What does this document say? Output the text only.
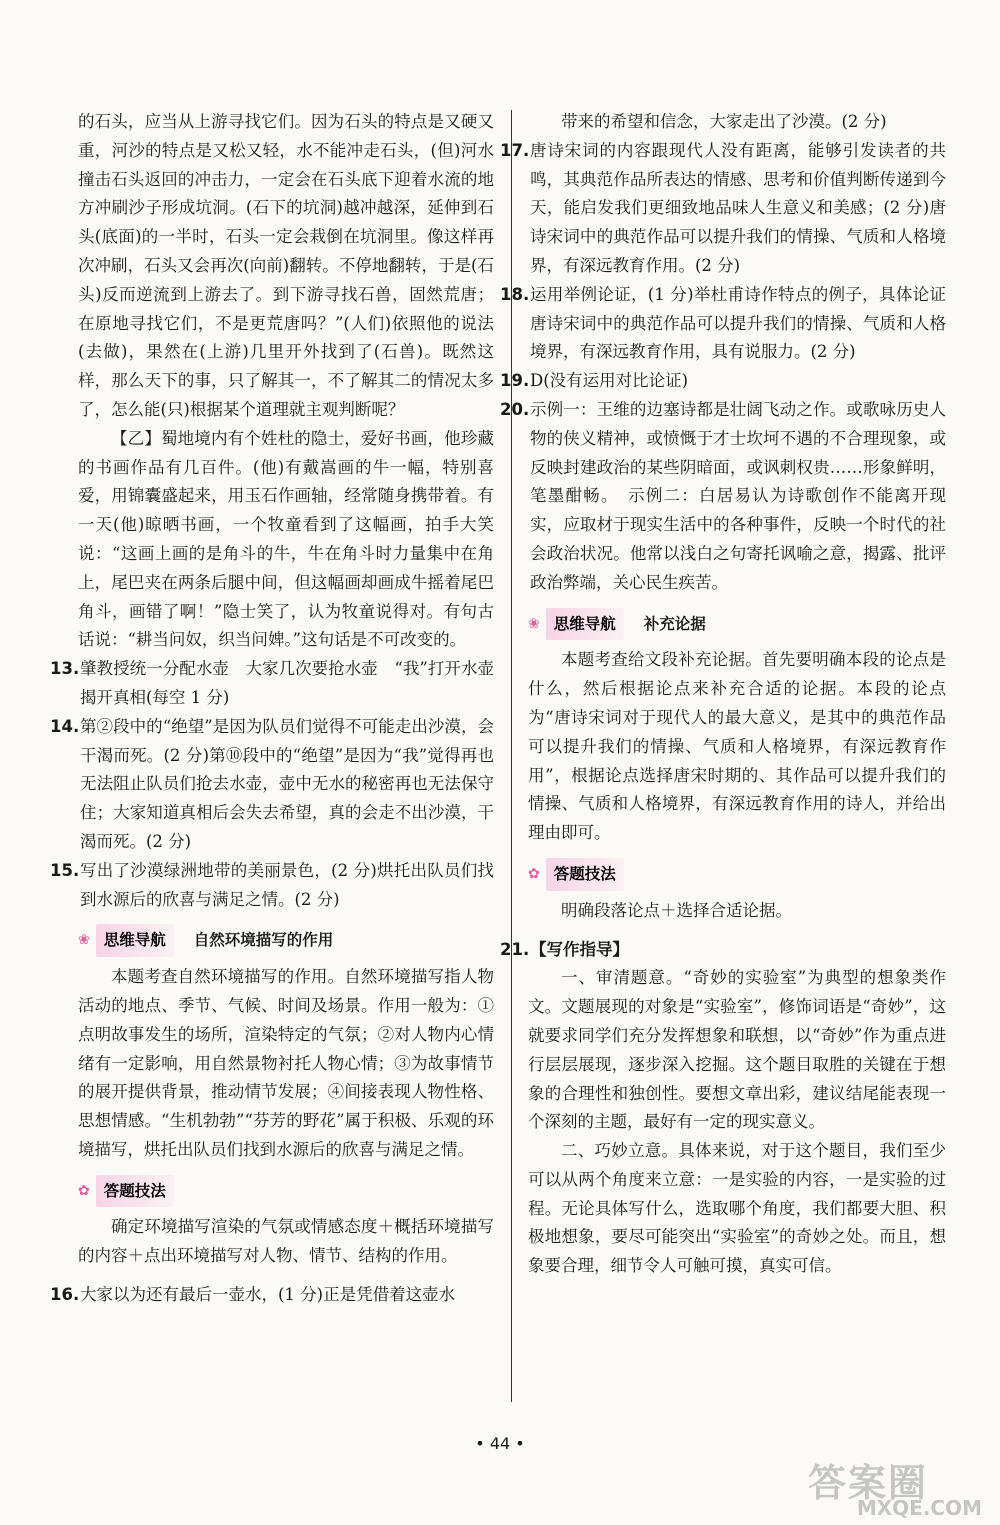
的石头，应当从上游寻找它们。因为石头的特点是又硬又重，河沙的特点是又松又轻，水不能冲走石头，(但)河水撞击石头返回的冲击力，一定会在石头底下迎着水流的地方冲刷沙子形成坑洞。(石下的坑洞)越冲越深，延伸到石头(底面)的一半时，石头一定会栽倒在坑洞里。像这样再次冲刷，石头又会再次(向前)翻转。不停地翻转，于是(石头)反而逆流到上游去了。到下游寻找石兽，固然荒唐；在原地寻找它们，不是更荒唐吗？”(人们)依照他的说法(去做)，果然在(上游)几里开外找到了(石兽)。既然这样，那么天下的事，只了解其一，不了解其二的情况太多了，怎么能(只)根据某个道理就主观判断呢？

【乙】蜀地境内有个姓杜的隐士，爱好书画，他珍藏的书画作品有几百件。(他)有戴嵩画的牛一幅，特别喜爱，用锦囊盛起来，用玉石作画轴，经常随身携带着。有一天(他)晾晒书画，一个牧童看到了这幅画，拍手大笑说：“这画上画的是角斗的牛，牛在角斗时力量集中在角上，尾巴夹在两条后腿中间，但这幅画却画成牛摇着尾巴角斗，画错了啊！”隐士笑了，认为牧童说得对。有句古话说：“耕当问奴，织当问婢。”这句话是不可改变的。

13. 肇教授统一分配水壶　大家几次要抢水壶　“我”打开水壶揭开真相(每空 1 分)

14. 第②段中的“绝望”是因为队员们觉得不可能走出沙漠，会干渴而死。(2 分)第⑩段中的“绝望”是因为“我”觉得再也无法阻止队员们抢去水壶，壶中无水的秘密再也无法保守住；大家知道真相后会失去希望，真的会走不出沙漠，干渴而死。(2 分)

15. 写出了沙漠绿洲地带的美丽景色，(2 分)烘托出队员们找到水源后的欣喜与满足之情。(2 分)

❀ 思维导航	自然环境描写的作用

本题考查自然环境描写的作用。自然环境描写指人物活动的地点、季节、气候、时间及场景。作用一般为：①点明故事发生的场所，渲染特定的气氛；②对人物内心情绪有一定影响，用自然景物衬托人物心情；③为故事情节的展开提供背景，推动情节发展；④间接表现人物性格、思想情感。“生机勃勃”“芬芳的野花”属于积极、乐观的环境描写，烘托出队员们找到水源后的欣喜与满足之情。

✿ 答题技法

确定环境描写渲染的气氛或情感态度＋概括环境描写的内容＋点出环境描写对人物、情节、结构的作用。

16. 大家以为还有最后一壶水，(1 分)正是凭借着这壶水

带来的希望和信念，大家走出了沙漠。(2 分)

17. 唐诗宋词的内容跟现代人没有距离，能够引发读者的共鸣，其典范作品所表达的情感、思考和价值判断传递到今天，能启发我们更细致地品味人生意义和美感；(2 分)唐诗宋词中的典范作品可以提升我们的情操、气质和人格境界，有深远教育作用。(2 分)

18. 运用举例论证，(1 分)举杜甫诗作特点的例子，具体论证唐诗宋词中的典范作品可以提升我们的情操、气质和人格境界，有深远教育作用，具有说服力。(2 分)

19. D(没有运用对比论证)

20. 示例一：王维的边塞诗都是壮阔飞动之作。或歌咏历史人物的侠义精神，或愤慨于才士坎坷不遇的不合理现象，或反映封建政治的某些阴暗面，或讽刺权贵……形象鲜明，笔墨酣畅。　示例二：白居易认为诗歌创作不能离开现实，应取材于现实生活中的各种事件，反映一个时代的社会政治状况。他常以浅白之句寄托讽喻之意，揭露、批评政治弊端，关心民生疾苦。

❀ 思维导航	补充论据

本题考查给文段补充论据。首先要明确本段的论点是什么，然后根据论点来补充合适的论据。本段的论点为“唐诗宋词对于现代人的最大意义，是其中的典范作品可以提升我们的情操、气质和人格境界，有深远教育作用”，根据论点选择唐宋时期的、其作品可以提升我们的情操、气质和人格境界，有深远教育作用的诗人，并给出理由即可。

✿ 答题技法

明确段落论点＋选择合适论据。

21. 【写作指导】

一、审清题意。“奇妙的实验室”为典型的想象类作文。文题展现的对象是“实验室”，修饰词语是“奇妙”，这就要求同学们充分发挥想象和联想，以“奇妙”作为重点进行层层展现，逐步深入挖掘。这个题目取胜的关键在于想象的合理性和独创性。要想文章出彩，建议结尾能表现一个深刻的主题，最好有一定的现实意义。

二、巧妙立意。具体来说，对于这个题目，我们至少可以从两个角度来立意：一是实验的内容，一是实验的过程。无论具体写什么，选取哪个角度，我们都要大胆、积极地想象，要尽可能突出“实验室”的奇妙之处。而且，想象要合理，细节令人可触可摸，真实可信。

• 44 •
答案圈
MXQE.COM
